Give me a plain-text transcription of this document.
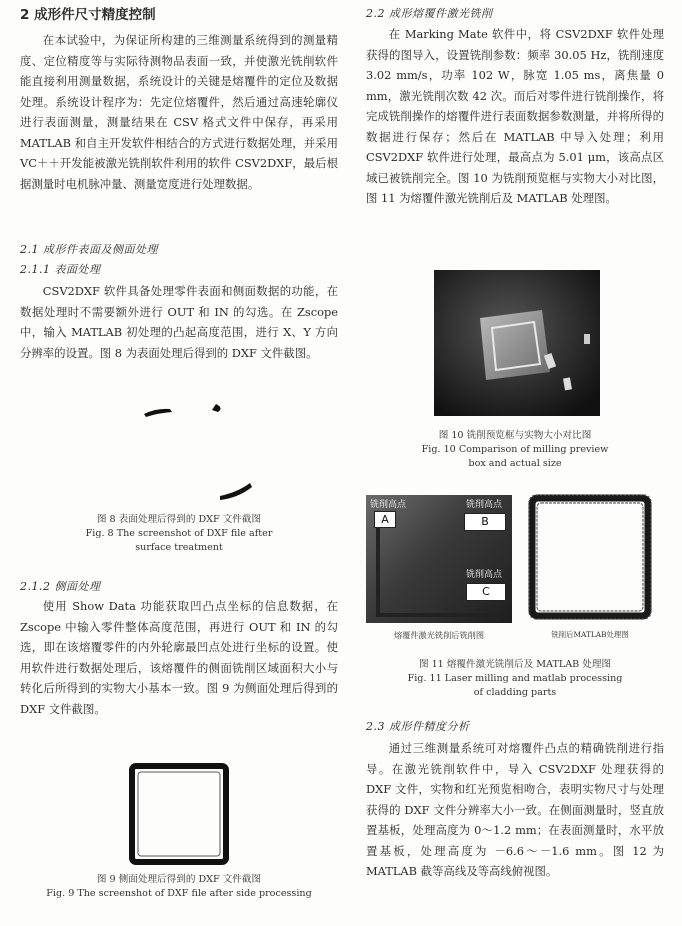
2 成形件尺寸精度控制

在本试验中，为保证所构建的三维测量系统得到的测量精度、定位精度等与实际待测物品表面一致，并使激光铣削软件能直接利用测量数据，系统设计的关键是熔覆件的定位及数据处理。系统设计程序为：先定位熔覆件，然后通过高速轮廓仪进行表面测量，测量结果在 CSV 格式文件中保存，再采用 MATLAB 和自主开发软件相结合的方式进行数据处理，并采用 VC＋＋开发能被激光铣削软件利用的软件 CSV2DXF，最后根据测量时电机脉冲量、测量宽度进行处理数据。

2.1 成形件表面及侧面处理
2.1.1 表面处理

CSV2DXF 软件具备处理零件表面和侧面数据的功能，在数据处理时不需要额外进行 OUT 和 IN 的勾选。在 Zscope 中，输入 MATLAB 初处理的凸起高度范围，进行 X、Y 方向分辨率的设置。图 8 为表面处理后得到的 DXF 文件截图。

图 8 表面处理后得到的 DXF 文件截图
Fig. 8 The screenshot of DXF file after
surface treatment
2.1.2 侧面处理

使用 Show Data 功能获取凹凸点坐标的信息数据，在 Zscope 中输入零件整体高度范围，再进行 OUT 和 IN 的勾选，即在该熔覆零件的内外轮廓最凹点处进行坐标的设置。使用软件进行数据处理后，该熔覆件的侧面铣削区域面积大小与转化后所得到的实物大小基本一致。图 9 为侧面处理后得到的 DXF 文件截图。

图 9 侧面处理后得到的 DXF 文件截图
Fig. 9 The screenshot of DXF file after side processing
2.2 成形熔覆件激光铣削

在 Marking Mate 软件中，将 CSV2DXF 软件处理获得的图导入，设置铣削参数：频率 30.05 Hz，铣削速度 3.02 mm/s，功率 102 W，脉宽 1.05 ms，离焦量 0 mm，激光铣削次数 42 次。而后对零件进行铣削操作，将完成铣削操作的熔覆件进行表面数据参数测量，并将所得的数据进行保存；然后在 MATLAB 中导入处理；利用 CSV2DXF 软件进行处理，最高点为 5.01 μm，该高点区域已被铣削完全。图 10 为铣削预览框与实物大小对比图，图 11 为熔覆件激光铣削后及 MATLAB 处理图。

图 10 铣削预览框与实物大小对比图
Fig. 10 Comparison of milling preview
box and actual size
铣削高点
A
铣削高点
B
铣削高点
C
熔覆件激光铣削后铣削图	铣削后MATLAB处理图
图 11 熔覆件激光铣削后及 MATLAB 处理图
Fig. 11 Laser milling and matlab processing
of cladding parts
2.3 成形件精度分析

通过三维测量系统可对熔覆件凸点的精确铣削进行指导。在激光铣削软件中，导入 CSV2DXF 处理获得的 DXF 文件，实物和红光预览相吻合，表明实物尺寸与处理获得的 DXF 文件分辨率大小一致。在侧面测量时，竖直放置基板，处理高度为 0～1.2 mm；在表面测量时，水平放置基板，处理高度为 －6.6～－1.6 mm。图 12 为 MATLAB 截等高线及等高线俯视图。
